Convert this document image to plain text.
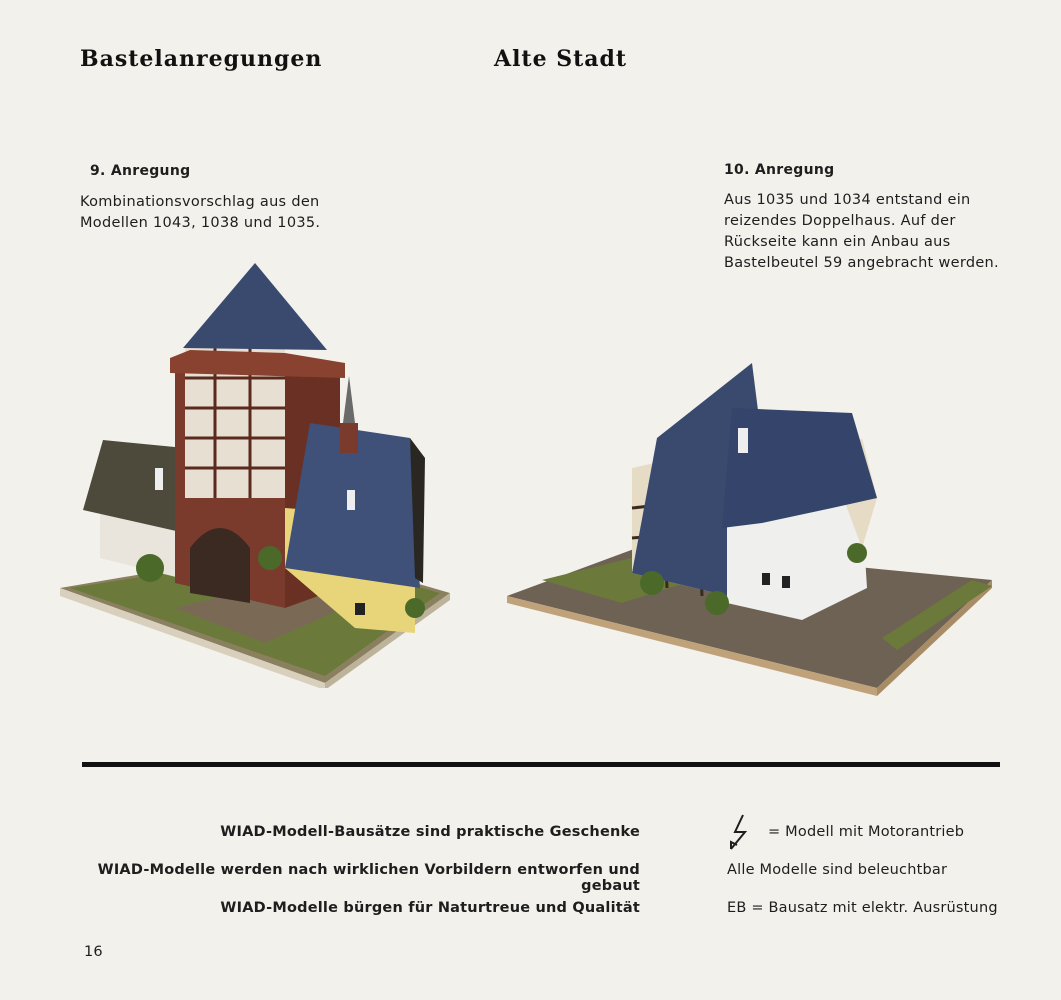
Bastelanregungen	Alte Stadt
9. Anregung
Kombinationsvorschlag aus den
Modellen 1043, 1038 und 1035.
10. Anregung
Aus 1035 und 1034 entstand ein
reizendes Doppelhaus. Auf der
Rückseite kann ein Anbau aus
Bastelbeutel 59 angebracht werden.
WIAD-Modell-Bausätze sind praktische Geschenke
WIAD-Modelle werden nach wirklichen Vorbildern entworfen und gebaut
WIAD-Modelle bürgen für Naturtreue und Qualität
= Modell mit Motorantrieb
Alle Modelle sind beleuchtbar
EB = Bausatz mit elektr. Ausrüstung
16
